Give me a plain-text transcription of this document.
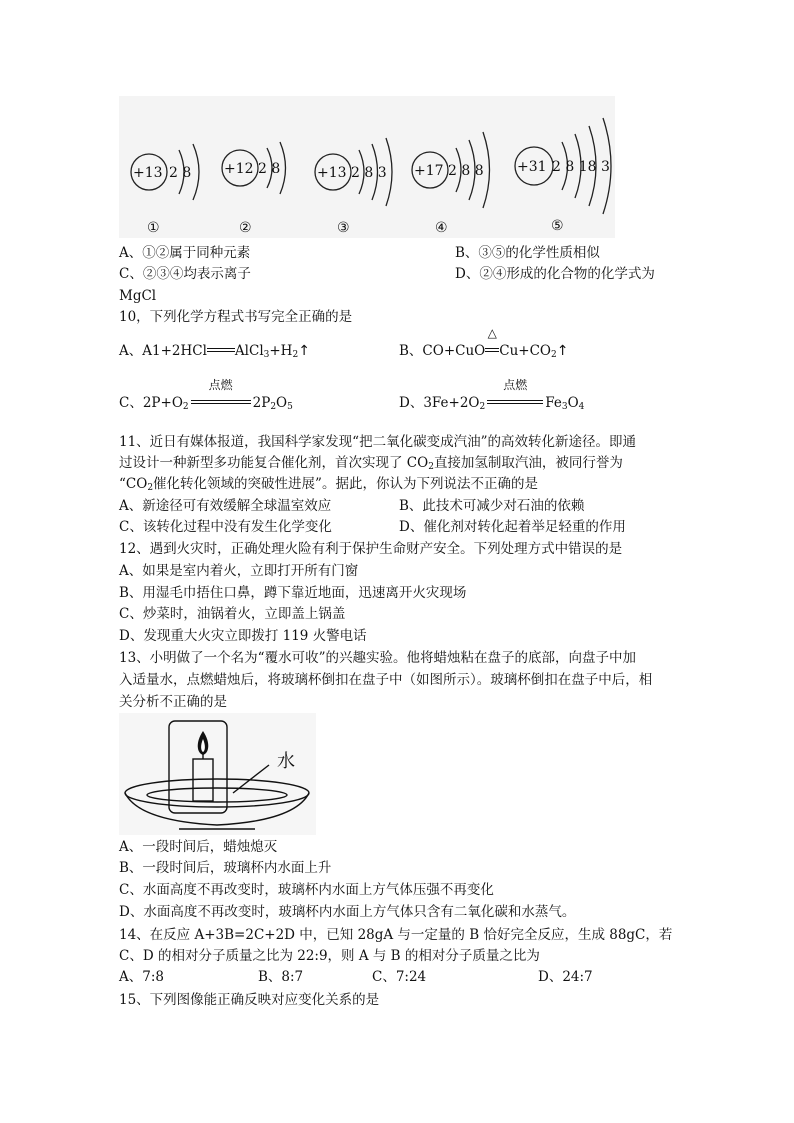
+13 2 8 +12 2 8	+13 2 8 3 +17 2 8 8 +31 2 8 18 3
①	②	③	④	⑤
A、①②属于同种元素	B、③⑤的化学性质相似
C、②③④均表示离子	D、②④形成的化合物的化学式为
MgCl
10，下列化学方程式书写完全正确的是
A、A1+2HCl $AlCl_3+H_2↑$	B、CO+CuO
△
$Cu+CO_2↑$
C、$2P+O_2$
点燃
$2P_2O_5$	D、$3Fe+2O_2$
点燃
$Fe_3O_4$
11、近日有媒体报道，我国科学家发现“把二氧化碳变成汽油”的高效转化新途径。即通
过设计一种新型多功能复合催化剂，首次实现了 $CO_2$直接加氢制取汽油，被同行誉为
“$CO_2$催化转化领域的突破性进展”。据此，你认为下列说法不正确的是
A、新途径可有效缓解全球温室效应	B、此技术可减少对石油的依赖
C、该转化过程中没有发生化学变化	D、催化剂对转化起着举足轻重的作用
12、遇到火灾时，正确处理火险有利于保护生命财产安全。下列处理方式中错误的是
A、如果是室内着火，立即打开所有门窗
B、用湿毛巾捂住口鼻，蹲下靠近地面，迅速离开火灾现场
C、炒菜时，油锅着火，立即盖上锅盖
D、发现重大火灾立即拨打 119 火警电话
13、小明做了一个名为“覆水可收”的兴趣实验。他将蜡烛粘在盘子的底部，向盘子中加
入适量水，点燃蜡烛后，将玻璃杯倒扣在盘子中（如图所示）。玻璃杯倒扣在盘子中后，相
关分析不正确的是
水
A、一段时间后，蜡烛熄灭
B、一段时间后，玻璃杯内水面上升
C、水面高度不再改变时，玻璃杯内水面上方气体压强不再变化
D、水面高度不再改变时，玻璃杯内水面上方气体只含有二氧化碳和水蒸气。
14、在反应 A+3B=2C+2D 中，已知 28gA 与一定量的 B 恰好完全反应，生成 88gC，若
C、D 的相对分子质量之比为 22:9，则 A 与 B 的相对分子质量之比为
A、7:8	B、8:7	C、7:24	D、24:7
15、下列图像能正确反映对应变化关系的是
